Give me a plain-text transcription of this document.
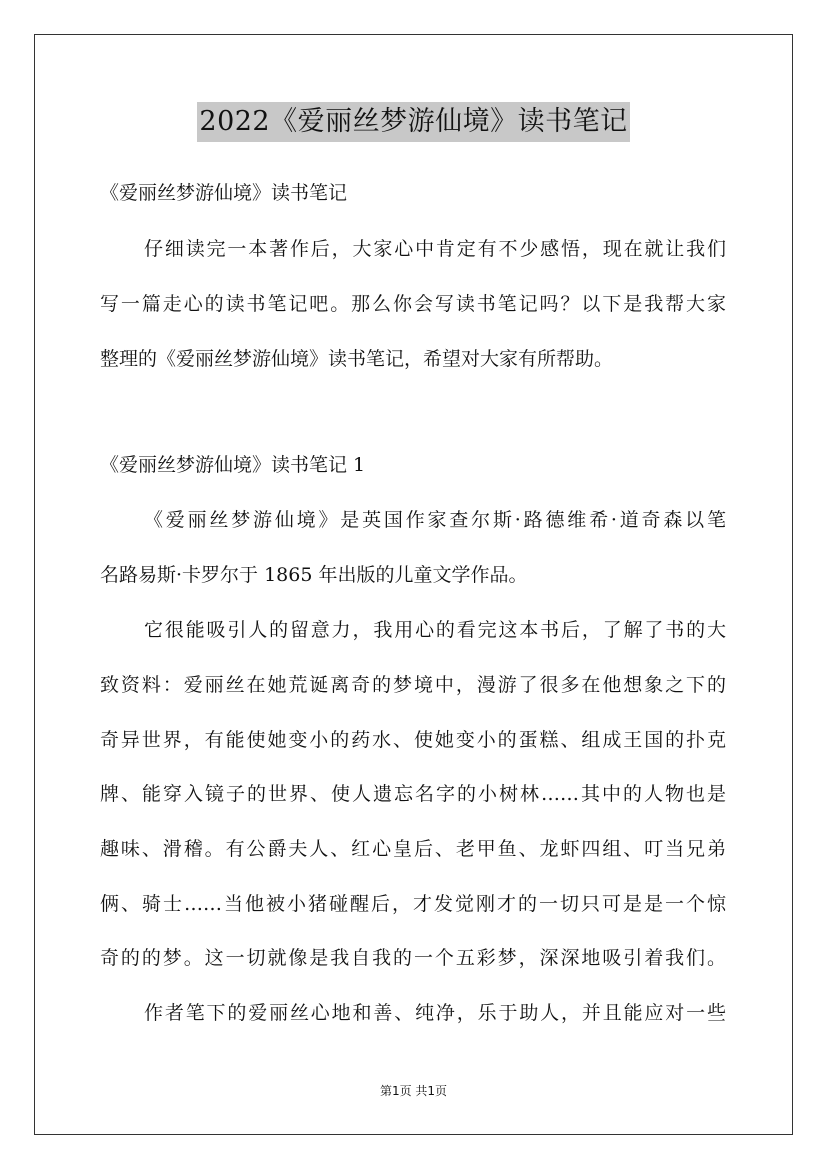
2022《爱丽丝梦游仙境》读书笔记
《爱丽丝梦游仙境》读书笔记
仔细读完一本著作后，大家心中肯定有不少感悟，现在就让我们
写一篇走心的读书笔记吧。那么你会写读书笔记吗？以下是我帮大家
整理的《爱丽丝梦游仙境》读书笔记，希望对大家有所帮助。
《爱丽丝梦游仙境》读书笔记 1
《爱丽丝梦游仙境》是英国作家查尔斯·路德维希·道奇森以笔
名路易斯·卡罗尔于 1865 年出版的儿童文学作品。
它很能吸引人的留意力，我用心的看完这本书后，了解了书的大
致资料：爱丽丝在她荒诞离奇的梦境中，漫游了很多在他想象之下的
奇异世界，有能使她变小的药水、使她变小的蛋糕、组成王国的扑克
牌、能穿入镜子的世界、使人遗忘名字的小树林……其中的人物也是
趣味、滑稽。有公爵夫人、红心皇后、老甲鱼、龙虾四组、叮当兄弟
俩、骑士……当他被小猪碰醒后，才发觉刚才的一切只可是是一个惊
奇的的梦。这一切就像是我自我的一个五彩梦，深深地吸引着我们。
作者笔下的爱丽丝心地和善、纯净，乐于助人，并且能应对一些
第1页 共1页
